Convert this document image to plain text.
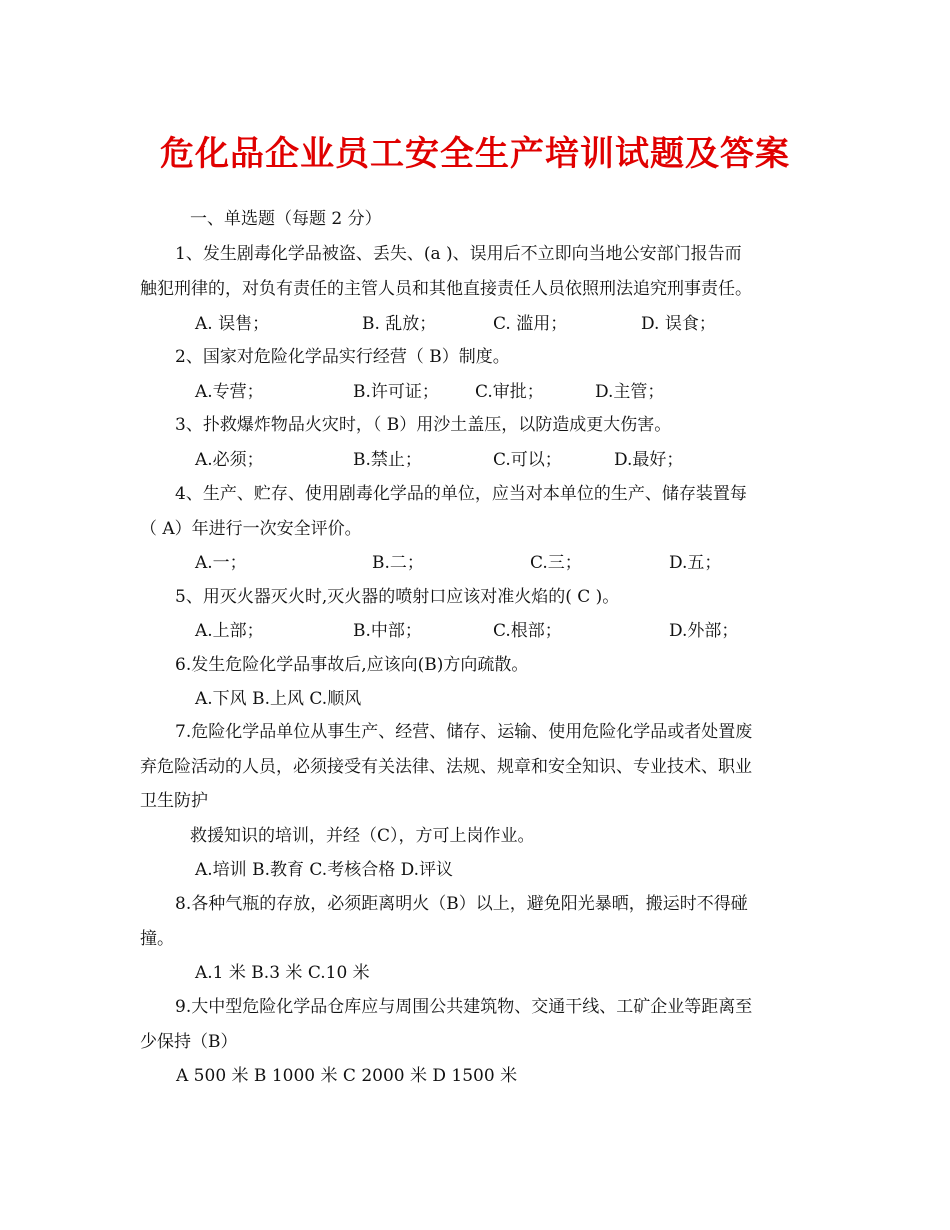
危化品企业员工安全生产培训试题及答案
一、单选题（每题 2 分）
1、发生剧毒化学品被盗、丢失、(a )、误用后不立即向当地公安部门报告而
触犯刑律的，对负有责任的主管人员和其他直接责任人员依照刑法追究刑事责任。
A. 误售；	B. 乱放；	C. 滥用；	D. 误食；
2、国家对危险化学品实行经营（ B）制度。
A.专营；	B.许可证； C.审批；	D.主管；
3、扑救爆炸物品火灾时，（ B）用沙土盖压，以防造成更大伤害。
A.必须；	B.禁止；	C.可以；	D.最好；
4、生产、贮存、使用剧毒化学品的单位，应当对本单位的生产、储存装置每
（ A）年进行一次安全评价。
A.一；	B.二；	C.三；	D.五；
5、用灭火器灭火时,灭火器的喷射口应该对准火焰的( C )。
A.上部；	B.中部；	C.根部；	D.外部；
6.发生危险化学品事故后,应该向(B)方向疏散。
A.下风 B.上风 C.顺风
7.危险化学品单位从事生产、经营、储存、运输、使用危险化学品或者处置废
弃危险活动的人员，必须接受有关法律、法规、规章和安全知识、专业技术、职业
卫生防护
救援知识的培训，并经（C），方可上岗作业。
A.培训 B.教育 C.考核合格 D.评议
8.各种气瓶的存放，必须距离明火（B）以上，避免阳光暴晒，搬运时不得碰
撞。
A.1 米 B.3 米 C.10 米
9.大中型危险化学品仓库应与周围公共建筑物、交通干线、工矿企业等距离至
少保持（B）
A 500 米 B 1000 米 C 2000 米 D 1500 米
